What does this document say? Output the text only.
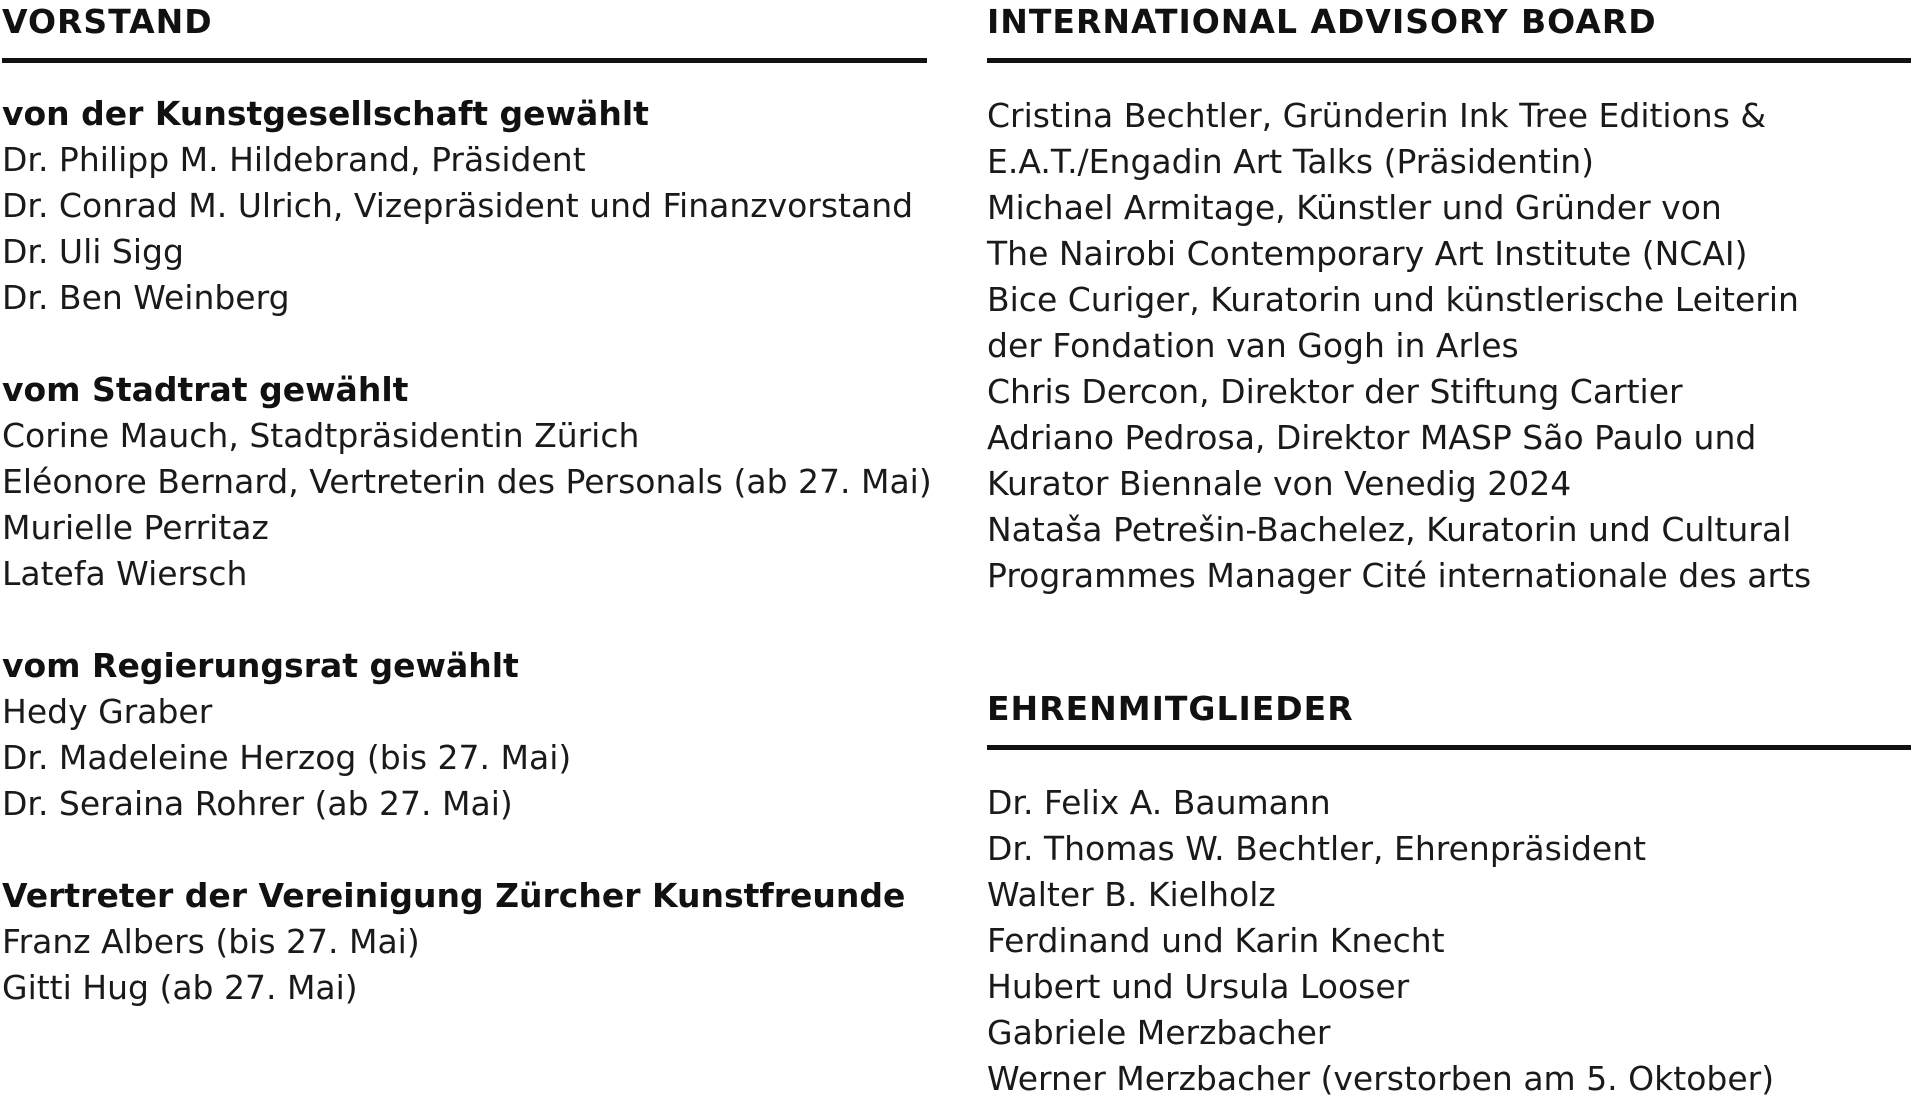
VORSTAND
von der Kunstgesellschaft gewählt
Dr. Philipp M. Hildebrand, Präsident
Dr. Conrad M. Ulrich, Vizepräsident und Finanzvorstand
Dr. Uli Sigg
Dr. Ben Weinberg
vom Stadtrat gewählt
Corine Mauch, Stadtpräsidentin Zürich
Eléonore Bernard, Vertreterin des Personals (ab 27. Mai)
Murielle Perritaz
Latefa Wiersch
vom Regierungsrat gewählt
Hedy Graber
Dr. Madeleine Herzog (bis 27. Mai)
Dr. Seraina Rohrer (ab 27. Mai)
Vertreter der Vereinigung Zürcher Kunstfreunde
Franz Albers (bis 27. Mai)
Gitti Hug (ab 27. Mai)
INTERNATIONAL ADVISORY BOARD
Cristina Bechtler, Gründerin Ink Tree Editions &
E.A.T./Engadin Art Talks (Präsidentin)
Michael Armitage, Künstler und Gründer von
The Nairobi Contemporary Art Institute (NCAI)
Bice Curiger, Kuratorin und künstlerische Leiterin
der Fondation van Gogh in Arles
Chris Dercon, Direktor der Stiftung Cartier
Adriano Pedrosa, Direktor MASP São Paulo und
Kurator Biennale von Venedig 2024
Nataša Petrešin-Bachelez, Kuratorin und Cultural
Programmes Manager Cité internationale des arts
EHRENMITGLIEDER
Dr. Felix A. Baumann
Dr. Thomas W. Bechtler, Ehrenpräsident
Walter B. Kielholz
Ferdinand und Karin Knecht
Hubert und Ursula Looser
Gabriele Merzbacher
Werner Merzbacher (verstorben am 5. Oktober)
